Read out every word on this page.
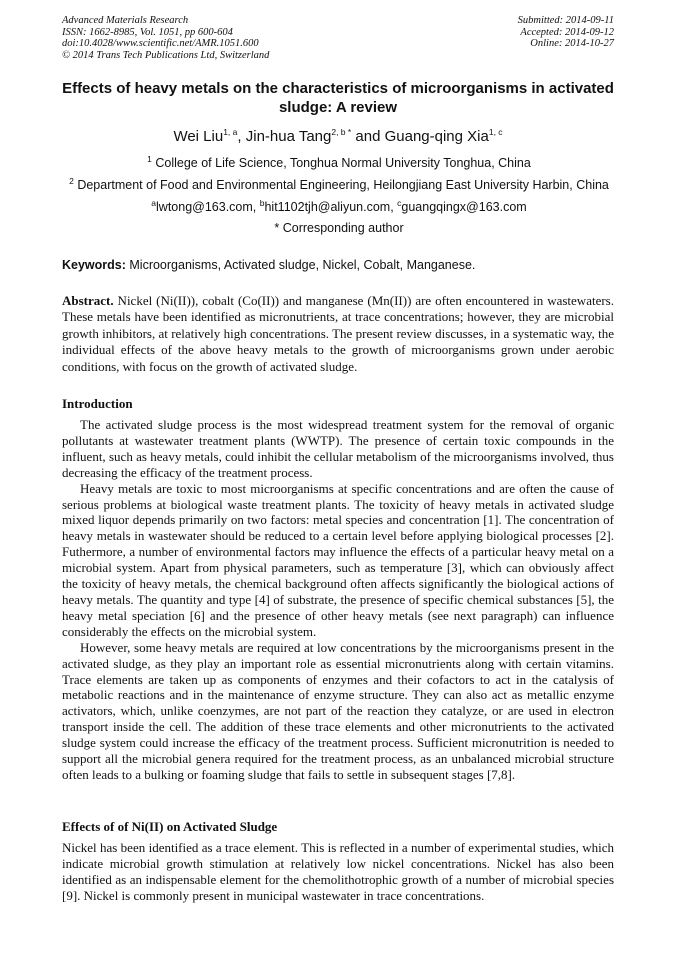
Advanced Materials Research
ISSN: 1662-8985, Vol. 1051, pp 600-604
doi:10.4028/www.scientific.net/AMR.1051.600
© 2014 Trans Tech Publications Ltd, Switzerland
Submitted: 2014-09-11
Accepted: 2014-09-12
Online: 2014-10-27
Effects of heavy metals on the characteristics of microorganisms in activated sludge: A review
Wei Liu$^{1, a}$, Jin-hua Tang$^{2, b *}$ and Guang-qing Xia$^{1, c}$
$^1$ College of Life Science, Tonghua Normal University Tonghua, China
$^2$ Department of Food and Environmental Engineering, Heilongjiang East University Harbin, China
$^a$lwtong@163.com, $^b$hit1102tjh@aliyun.com, $^c$guangqingx@163.com
* Corresponding author
Keywords: Microorganisms, Activated sludge, Nickel, Cobalt, Manganese.
Abstract. Nickel (Ni(II)), cobalt (Co(II)) and manganese (Mn(II)) are often encountered in wastewaters. These metals have been identified as micronutrients, at trace concentrations; however, they are microbial growth inhibitors, at relatively high concentrations. The present review discusses, in a systematic way, the individual effects of the above heavy metals to the growth of microorganisms grown under aerobic conditions, with focus on the growth of activated sludge.
Introduction

The activated sludge process is the most widespread treatment system for the removal of organic pollutants at wastewater treatment plants (WWTP). The presence of certain toxic compounds in the influent, such as heavy metals, could inhibit the cellular metabolism of the microorganisms involved, thus decreasing the efficacy of the treatment process.

Heavy metals are toxic to most microorganisms at specific concentrations and are often the cause of serious problems at biological waste treatment plants. The toxicity of heavy metals in activated sludge mixed liquor depends primarily on two factors: metal species and concentration [1]. The concentration of heavy metals in wastewater should be reduced to a certain level before applying biological processes [2]. Futhermore, a number of environmental factors may influence the effects of a particular heavy metal on a microbial system. Apart from physical parameters, such as temperature [3], which can obviously affect the toxicity of heavy metals, the chemical background often affects significantly the biological actions of heavy metals. The quantity and type [4] of substrate, the presence of specific chemical substances [5], the heavy metal speciation [6] and the presence of other heavy metals (see next paragraph) can influence considerably the effects on the microbial system.

However, some heavy metals are required at low concentrations by the microorganisms present in the activated sludge, as they play an important role as essential micronutrients along with certain vitamins. Trace elements are taken up as components of enzymes and their cofactors to act in the catalysis of metabolic reactions and in the maintenance of enzyme structure. They can also act as metallic enzyme activators, which, unlike coenzymes, are not part of the reaction they catalyze, or are used in electron transport inside the cell. The addition of these trace elements and other micronutrients to the activated sludge system could increase the efficacy of the treatment process. Sufficient micronutrition is needed to support all the microbial genera required for the treatment process, as an unbalanced microbial structure often leads to a bulking or foaming sludge that fails to settle in subsequent stages [7,8].

Effects of of Ni(II) on Activated Sludge

Nickel has been identified as a trace element. This is reflected in a number of experimental studies, which indicate microbial growth stimulation at relatively low nickel concentrations. Nickel has also been identified as an indispensable element for the chemolithotrophic growth of a number of microbial species [9]. Nickel is commonly present in municipal wastewater in trace concentrations.
